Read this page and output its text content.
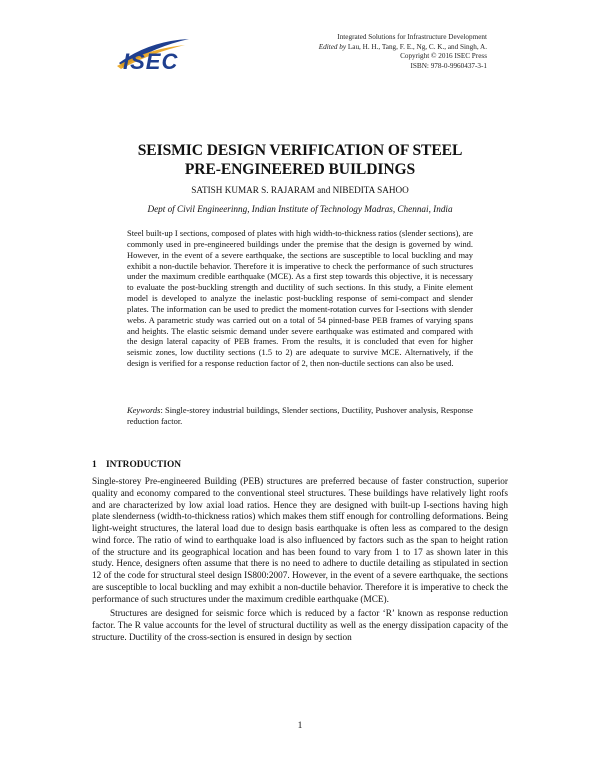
ISEC
Integrated Solutions for Infrastructure Development
Edited by Lau, H. H., Tang, F. E., Ng, C. K., and Singh, A.
Copyright © 2016 ISEC Press
ISBN: 978-0-9960437-3-1
SEISMIC DESIGN VERIFICATION OF STEEL
PRE-ENGINEERED BUILDINGS
SATISH KUMAR S. RAJARAM and NIBEDITA SAHOO
Dept of Civil Engineerinng, Indian Institute of Technology Madras, Chennai, India

Steel built-up I sections, composed of plates with high width-to-thickness ratios (slender sections), are commonly used in pre-engineered buildings under the premise that the design is governed by wind. However, in the event of a severe earthquake, the sections are susceptible to local buckling and may exhibit a non-ductile behavior. Therefore it is imperative to check the performance of such structures under the maximum credible earthquake (MCE). As a first step towards this objective, it is necessary to evaluate the post-buckling strength and ductility of such sections. In this study, a Finite element model is developed to analyze the inelastic post-buckling response of semi-compact and slender plates. The information can be used to predict the moment-rotation curves for I-sections with slender webs. A parametric study was carried out on a total of 54 pinned-base PEB frames of varying spans and heights. The elastic seismic demand under severe earthquake was estimated and compared with the design lateral capacity of PEB frames. From the results, it is concluded that even for higher seismic zones, low ductility sections (1.5 to 2) are adequate to survive MCE. Alternatively, if the design is verified for a response reduction factor of 2, then non-ductile sections can also be used.

Keywords: Single-storey industrial buildings, Slender sections, Ductility, Pushover analysis, Response reduction factor.
1 INTRODUCTION

Single-storey Pre-engineered Building (PEB) structures are preferred because of faster construction, superior quality and economy compared to the conventional steel structures. These buildings have relatively light roofs and are characterized by low axial load ratios. Hence they are designed with built-up I-sections having high plate slenderness (width-to-thickness ratios) which makes them stiff enough for controlling deformations. Being light-weight structures, the lateral load due to design basis earthquake is often less as compared to the design wind force. The ratio of wind to earthquake load is also influenced by factors such as the span to height ration of the structure and its geographical location and has been found to vary from 1 to 17 as shown later in this study. Hence, designers often assume that there is no need to adhere to ductile detailing as stipulated in section 12 of the code for structural steel design IS800:2007. However, in the event of a severe earthquake, the sections are susceptible to local buckling and may exhibit a non-ductile behavior. Therefore it is imperative to check the performance of such structures under the maximum credible earthquake (MCE).

Structures are designed for seismic force which is reduced by a factor ‘R’ known as response reduction factor. The R value accounts for the level of structural ductility as well as the energy dissipation capacity of the structure. Ductility of the cross-section is ensured in design by section

1
